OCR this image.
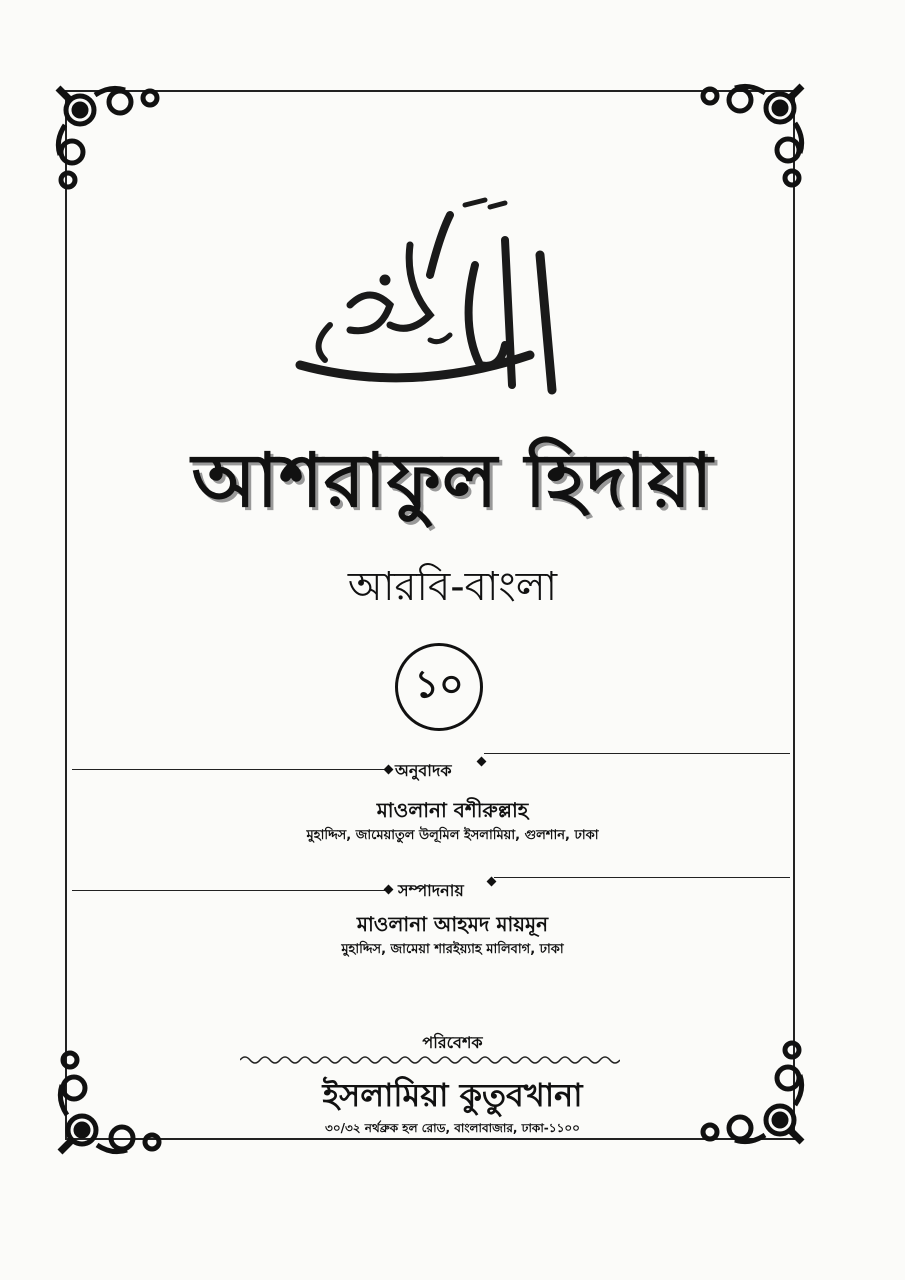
আশরাফুল হিদায়া
আরবি-বাংলা
১০
অনুবাদক
মাওলানা বশীরুল্লাহ
মুহাদ্দিস, জামেয়াতুল উলূমিল ইসলামিয়া, গুলশান, ঢাকা
সম্পাদনায়
মাওলানা আহমদ মায়মূন
মুহাদ্দিস, জামেয়া শারইয়্যাহ মালিবাগ, ঢাকা
পরিবেশক
ইসলামিয়া কুতুবখানা
৩০/৩২ নর্থব্রুক হল রোড, বাংলাবাজার, ঢাকা-১১০০
